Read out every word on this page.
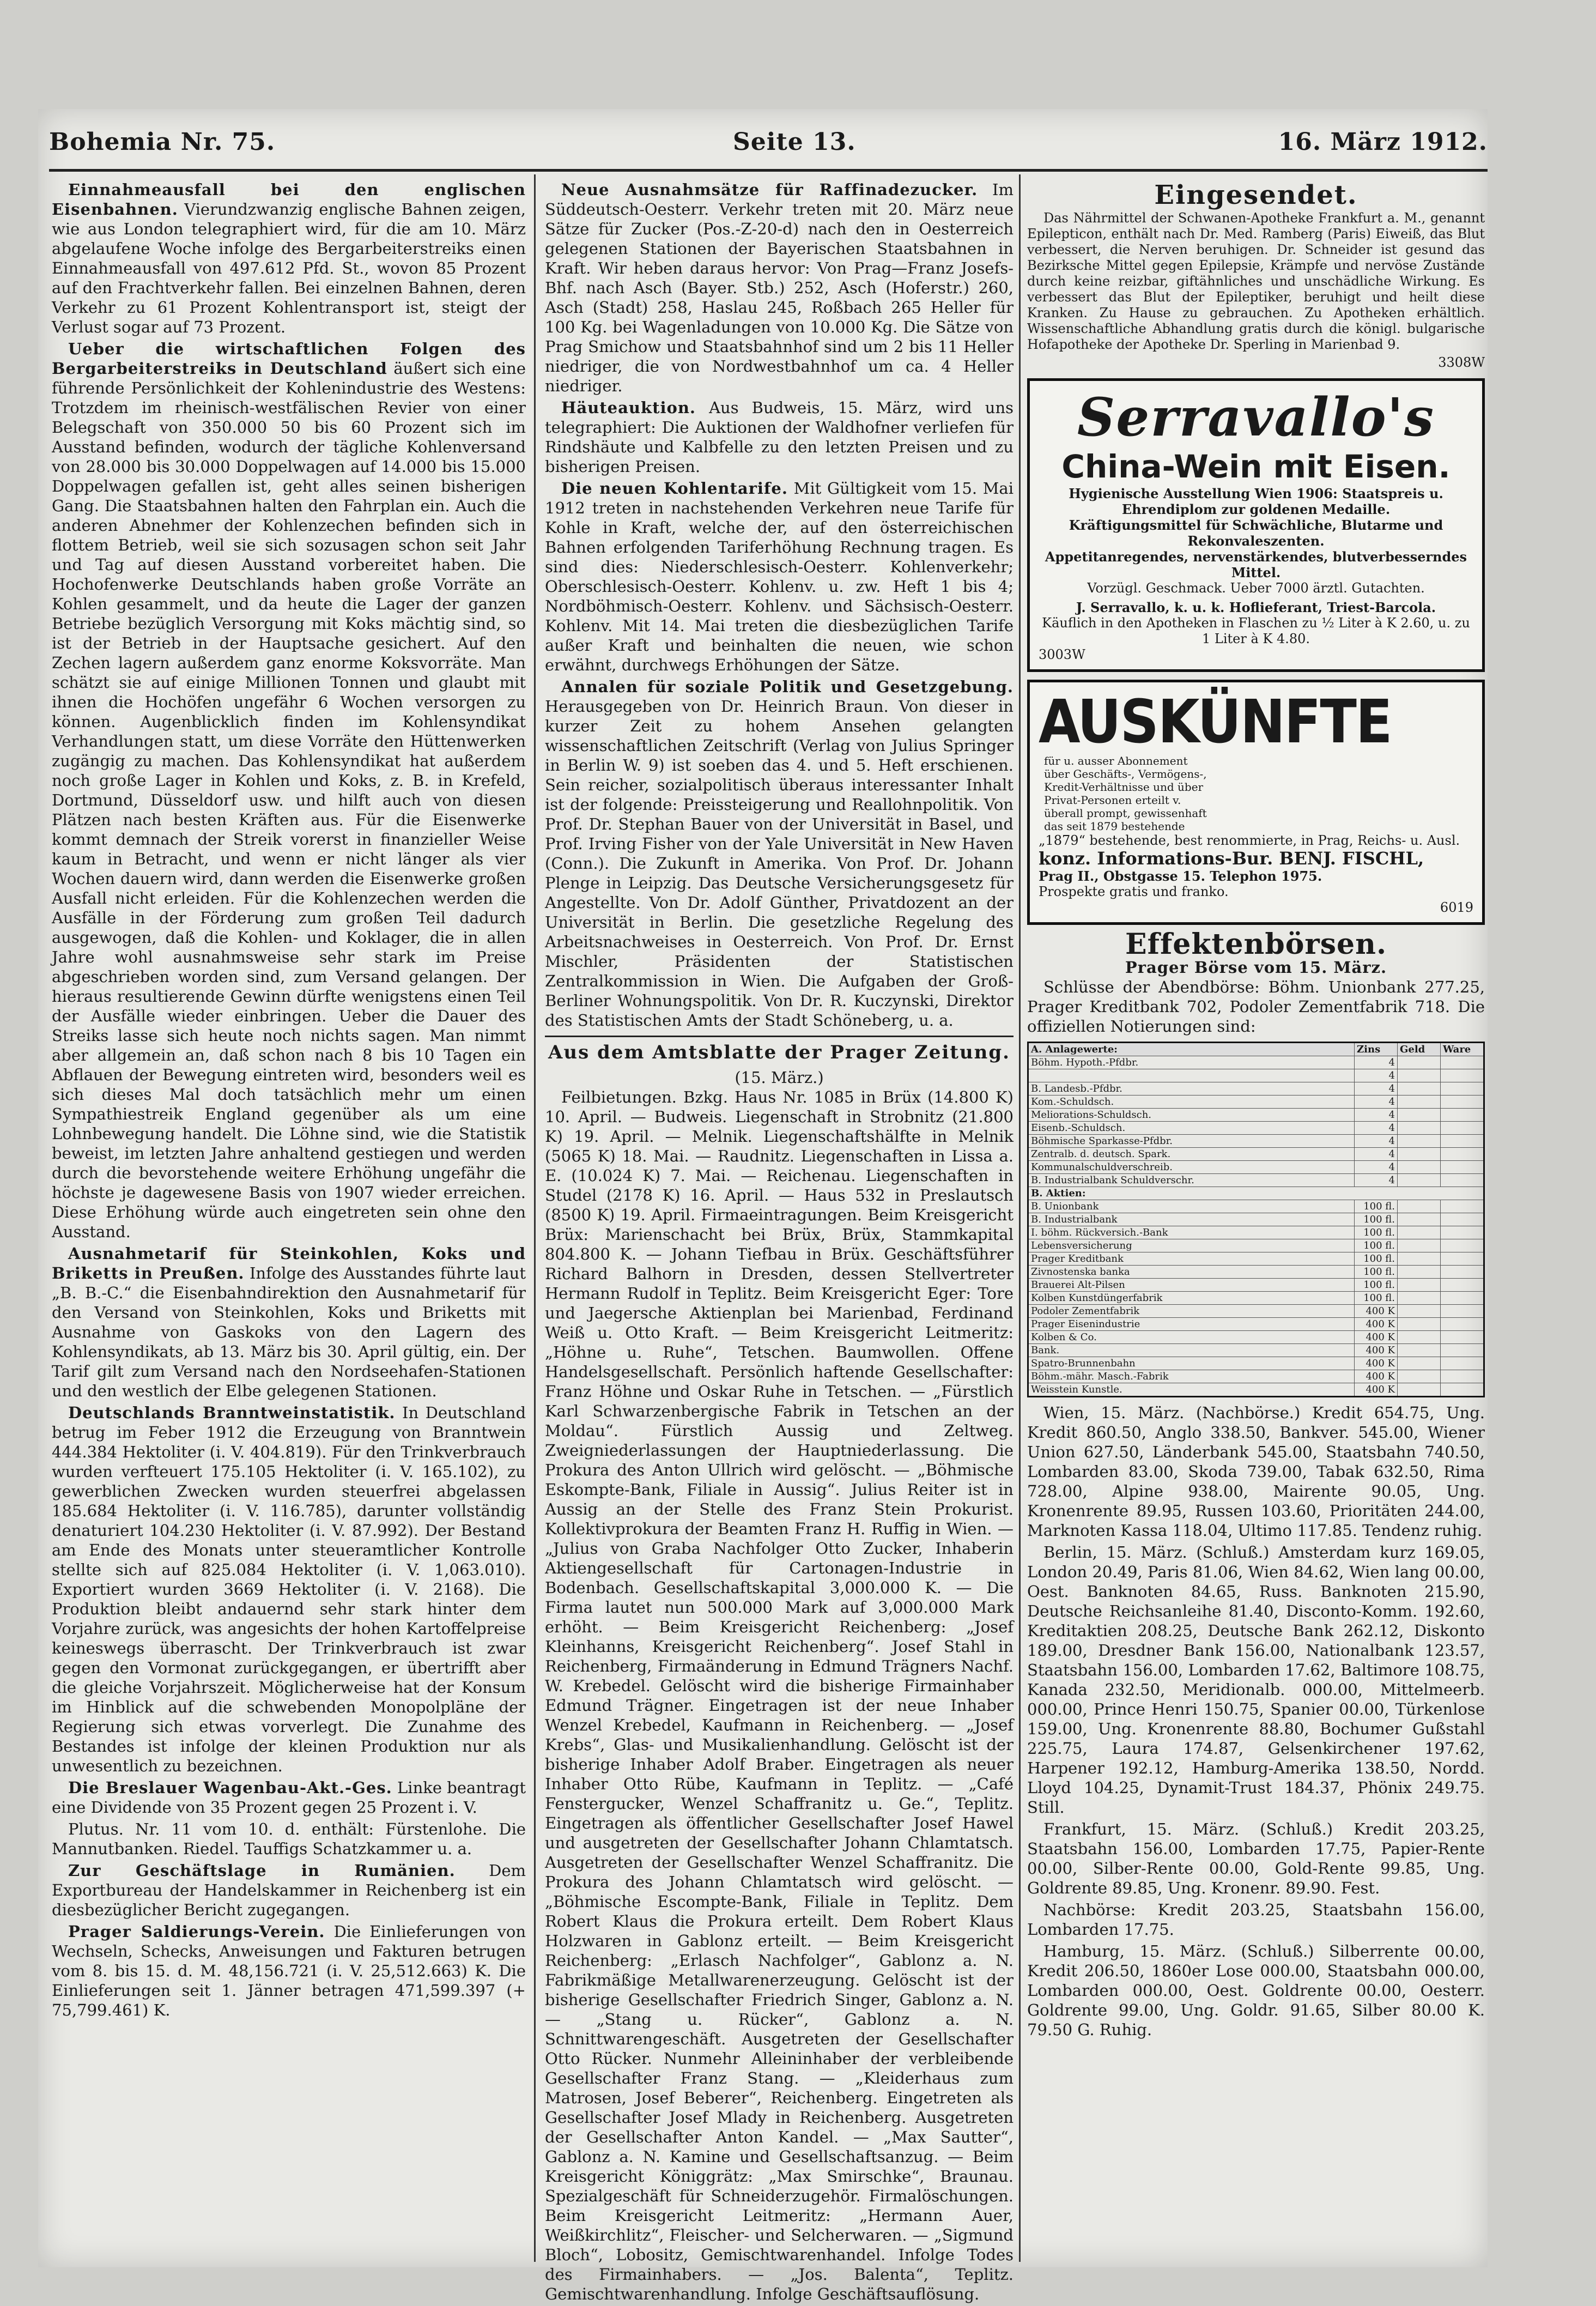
Bohemia Nr. 75.	Seite 13.	16. März 1912.

Einnahmeausfall bei den englischen Eisenbahnen. Vierundzwanzig englische Bahnen zeigen, wie aus London telegraphiert wird, für die am 10. März abgelaufene Woche infolge des Bergarbeiterstreiks einen Einnahmeausfall von 497.612 Pfd. St., wovon 85 Prozent auf den Frachtverkehr fallen. Bei einzelnen Bahnen, deren Verkehr zu 61 Prozent Kohlentransport ist, steigt der Verlust sogar auf 73 Prozent.

Ueber die wirtschaftlichen Folgen des Bergarbeiterstreiks in Deutschland äußert sich eine führende Persönlichkeit der Kohlenindustrie des Westens: Trotzdem im rheinisch-westfälischen Revier von einer Belegschaft von 350.000 50 bis 60 Prozent sich im Ausstand befinden, wodurch der tägliche Kohlenversand von 28.000 bis 30.000 Doppelwagen auf 14.000 bis 15.000 Doppelwagen gefallen ist, geht alles seinen bisherigen Gang. Die Staatsbahnen halten den Fahrplan ein. Auch die anderen Abnehmer der Kohlenzechen befinden sich in flottem Betrieb, weil sie sich sozusagen schon seit Jahr und Tag auf diesen Ausstand vorbereitet haben. Die Hochofenwerke Deutschlands haben große Vorräte an Kohlen gesammelt, und da heute die Lager der ganzen Betriebe bezüglich Versorgung mit Koks mächtig sind, so ist der Betrieb in der Hauptsache gesichert. Auf den Zechen lagern außerdem ganz enorme Koksvorräte. Man schätzt sie auf einige Millionen Tonnen und glaubt mit ihnen die Hochöfen ungefähr 6 Wochen versorgen zu können. Augenblicklich finden im Kohlensyndikat Verhandlungen statt, um diese Vorräte den Hüttenwerken zugängig zu machen. Das Kohlensyndikat hat außerdem noch große Lager in Kohlen und Koks, z. B. in Krefeld, Dortmund, Düsseldorf usw. und hilft auch von diesen Plätzen nach besten Kräften aus. Für die Eisenwerke kommt demnach der Streik vorerst in finanzieller Weise kaum in Betracht, und wenn er nicht länger als vier Wochen dauern wird, dann werden die Eisenwerke großen Ausfall nicht erleiden. Für die Kohlenzechen werden die Ausfälle in der Förderung zum großen Teil dadurch ausgewogen, daß die Kohlen- und Koklager, die in allen Jahre wohl ausnahmsweise sehr stark im Preise abgeschrieben worden sind, zum Versand gelangen. Der hieraus resultierende Gewinn dürfte wenigstens einen Teil der Ausfälle wieder einbringen. Ueber die Dauer des Streiks lasse sich heute noch nichts sagen. Man nimmt aber allgemein an, daß schon nach 8 bis 10 Tagen ein Abflauen der Bewegung eintreten wird, besonders weil es sich dieses Mal doch tatsächlich mehr um einen Sympathiestreik England gegenüber als um eine Lohnbewegung handelt. Die Löhne sind, wie die Statistik beweist, im letzten Jahre anhaltend gestiegen und werden durch die bevorstehende weitere Erhöhung ungefähr die höchste je dagewesene Basis von 1907 wieder erreichen. Diese Erhöhung würde auch eingetreten sein ohne den Ausstand.

Ausnahmetarif für Steinkohlen, Koks und Briketts in Preußen. Infolge des Ausstandes führte laut „B. B.-C.“ die Eisenbahndirektion den Ausnahmetarif für den Versand von Steinkohlen, Koks und Briketts mit Ausnahme von Gaskoks von den Lagern des Kohlensyndikats, ab 13. März bis 30. April gültig, ein. Der Tarif gilt zum Versand nach den Nordseehafen-Stationen und den westlich der Elbe gelegenen Stationen.

Deutschlands Branntweinstatistik. In Deutschland betrug im Feber 1912 die Erzeugung von Branntwein 444.384 Hektoliter (i. V. 404.819). Für den Trinkverbrauch wurden verfteuert 175.105 Hektoliter (i. V. 165.102), zu gewerblichen Zwecken wurden steuerfrei abgelassen 185.684 Hektoliter (i. V. 116.785), darunter vollständig denaturiert 104.230 Hektoliter (i. V. 87.992). Der Bestand am Ende des Monats unter steueramtlicher Kontrolle stellte sich auf 825.084 Hektoliter (i. V. 1,063.010). Exportiert wurden 3669 Hektoliter (i. V. 2168). Die Produktion bleibt andauernd sehr stark hinter dem Vorjahre zurück, was angesichts der hohen Kartoffelpreise keineswegs überrascht. Der Trinkverbrauch ist zwar gegen den Vormonat zurückgegangen, er übertrifft aber die gleiche Vorjahrszeit. Möglicherweise hat der Konsum im Hinblick auf die schwebenden Monopolpläne der Regierung sich etwas vorverlegt. Die Zunahme des Bestandes ist infolge der kleinen Produktion nur als unwesentlich zu bezeichnen.

Die Breslauer Wagenbau-Akt.-Ges. Linke beantragt eine Dividende von 35 Prozent gegen 25 Prozent i. V.

Plutus. Nr. 11 vom 10. d. enthält: Fürstenlohe. Die Mannutbanken. Riedel. Tauffigs Schatzkammer u. a.

Zur Geschäftslage in Rumänien. Dem Exportbureau der Handelskammer in Reichenberg ist ein diesbezüglicher Bericht zugegangen.

Prager Saldierungs-Verein. Die Einlieferungen von Wechseln, Schecks, Anweisungen und Fakturen betrugen vom 8. bis 15. d. M. 48,156.721 (i. V. 25,512.663) K. Die Einlieferungen seit 1. Jänner betragen 471,599.397 (+ 75,799.461) K.

Neue Ausnahmsätze für Raffinadezucker. Im Süddeutsch-Oesterr. Verkehr treten mit 20. März neue Sätze für Zucker (Pos.-Z-20-d) nach den in Oesterreich gelegenen Stationen der Bayerischen Staatsbahnen in Kraft. Wir heben daraus hervor: Von Prag—Franz Josefs-Bhf. nach Asch (Bayer. Stb.) 252, Asch (Hoferstr.) 260, Asch (Stadt) 258, Haslau 245, Roßbach 265 Heller für 100 Kg. bei Wagenladungen von 10.000 Kg. Die Sätze von Prag Smichow und Staatsbahnhof sind um 2 bis 11 Heller niedriger, die von Nordwestbahnhof um ca. 4 Heller niedriger.

Häuteauktion. Aus Budweis, 15. März, wird uns telegraphiert: Die Auktionen der Waldhofner verliefen für Rindshäute und Kalbfelle zu den letzten Preisen und zu bisherigen Preisen.

Die neuen Kohlentarife. Mit Gültigkeit vom 15. Mai 1912 treten in nachstehenden Verkehren neue Tarife für Kohle in Kraft, welche der, auf den österreichischen Bahnen erfolgenden Tariferhöhung Rechnung tragen. Es sind dies: Niederschlesisch-Oesterr. Kohlenverkehr; Oberschlesisch-Oesterr. Kohlenv. u. zw. Heft 1 bis 4; Nordböhmisch-Oesterr. Kohlenv. und Sächsisch-Oesterr. Kohlenv. Mit 14. Mai treten die diesbezüglichen Tarife außer Kraft und beinhalten die neuen, wie schon erwähnt, durchwegs Erhöhungen der Sätze.

Annalen für soziale Politik und Gesetzgebung. Herausgegeben von Dr. Heinrich Braun. Von dieser in kurzer Zeit zu hohem Ansehen gelangten wissenschaftlichen Zeitschrift (Verlag von Julius Springer in Berlin W. 9) ist soeben das 4. und 5. Heft erschienen. Sein reicher, sozialpolitisch überaus interessanter Inhalt ist der folgende: Preissteigerung und Reallohnpolitik. Von Prof. Dr. Stephan Bauer von der Universität in Basel, und Prof. Irving Fisher von der Yale Universität in New Haven (Conn.). Die Zukunft in Amerika. Von Prof. Dr. Johann Plenge in Leipzig. Das Deutsche Versicherungsgesetz für Angestellte. Von Dr. Adolf Günther, Privatdozent an der Universität in Berlin. Die gesetzliche Regelung des Arbeitsnachweises in Oesterreich. Von Prof. Dr. Ernst Mischler, Präsidenten der Statistischen Zentralkommission in Wien. Die Aufgaben der Groß-Berliner Wohnungspolitik. Von Dr. R. Kuczynski, Direktor des Statistischen Amts der Stadt Schöneberg, u. a.

Aus dem Amtsblatte der Prager Zeitung.
(15. März.)

Feilbietungen. Bzkg. Haus Nr. 1085 in Brüx (14.800 K) 10. April. — Budweis. Liegenschaft in Strobnitz (21.800 K) 19. April. — Melnik. Liegenschaftshälfte in Melnik (5065 K) 18. Mai. — Raudnitz. Liegenschaften in Lissa a. E. (10.024 K) 7. Mai. — Reichenau. Liegenschaften in Studel (2178 K) 16. April. — Haus 532 in Preslautsch (8500 K) 19. April. Firmaeintragungen. Beim Kreisgericht Brüx: Marienschacht bei Brüx, Brüx, Stammkapital 804.800 K. — Johann Tiefbau in Brüx. Geschäftsführer Richard Balhorn in Dresden, dessen Stellvertreter Hermann Rudolf in Teplitz. Beim Kreisgericht Eger: Tore und Jaegersche Aktienplan bei Marienbad, Ferdinand Weiß u. Otto Kraft. — Beim Kreisgericht Leitmeritz: „Höhne u. Ruhe“, Tetschen. Baumwollen. Offene Handelsgesellschaft. Persönlich haftende Gesellschafter: Franz Höhne und Oskar Ruhe in Tetschen. — „Fürstlich Karl Schwarzenbergische Fabrik in Tetschen an der Moldau“. Fürstlich Aussig und Zeltweg. Zweigniederlassungen der Hauptniederlassung. Die Prokura des Anton Ullrich wird gelöscht. — „Böhmische Eskompte-Bank, Filiale in Aussig“. Julius Reiter ist in Aussig an der Stelle des Franz Stein Prokurist. Kollektivprokura der Beamten Franz H. Ruffig in Wien. — „Julius von Graba Nachfolger Otto Zucker, Inhaberin Aktiengesellschaft für Cartonagen-Industrie in Bodenbach. Gesellschaftskapital 3,000.000 K. — Die Firma lautet nun 500.000 Mark auf 3,000.000 Mark erhöht. — Beim Kreisgericht Reichenberg: „Josef Kleinhanns, Kreisgericht Reichenberg“. Josef Stahl in Reichenberg, Firmaänderung in Edmund Trägners Nachf. W. Krebedel. Gelöscht wird die bisherige Firmainhaber Edmund Trägner. Eingetragen ist der neue Inhaber Wenzel Krebedel, Kaufmann in Reichenberg. — „Josef Krebs“, Glas- und Musikalienhandlung. Gelöscht ist der bisherige Inhaber Adolf Braber. Eingetragen als neuer Inhaber Otto Rübe, Kaufmann in Teplitz. — „Café Fenstergucker, Wenzel Schaffranitz u. Ge.“, Teplitz. Eingetragen als öffentlicher Gesellschafter Josef Hawel und ausgetreten der Gesellschafter Johann Chlamtatsch. Ausgetreten der Gesellschafter Wenzel Schaffranitz. Die Prokura des Johann Chlamtatsch wird gelöscht. — „Böhmische Escompte-Bank, Filiale in Teplitz. Dem Robert Klaus die Prokura erteilt. Dem Robert Klaus Holzwaren in Gablonz erteilt. — Beim Kreisgericht Reichenberg: „Erlasch Nachfolger“, Gablonz a. N. Fabrikmäßige Metallwarenerzeugung. Gelöscht ist der bisherige Gesellschafter Friedrich Singer, Gablonz a. N. — „Stang u. Rücker“, Gablonz a. N. Schnittwarengeschäft. Ausgetreten der Gesellschafter Otto Rücker. Nunmehr Alleininhaber der verbleibende Gesellschafter Franz Stang. — „Kleiderhaus zum Matrosen, Josef Beberer“, Reichenberg. Eingetreten als Gesellschafter Josef Mlady in Reichenberg. Ausgetreten der Gesellschafter Anton Kandel. — „Max Sautter“, Gablonz a. N. Kamine und Gesellschaftsanzug. — Beim Kreisgericht Königgrätz: „Max Smirschke“, Braunau. Spezialgeschäft für Schneiderzugehör. Firmalöschungen. Beim Kreisgericht Leitmeritz: „Hermann Auer, Weißkirchlitz“, Fleischer- und Selcherwaren. — „Sigmund Bloch“, Lobositz, Gemischtwarenhandel. Infolge Todes des Firmainhabers. — „Jos. Balenta“, Teplitz. Gemischtwarenhandlung. Infolge Geschäftsauflösung.

Eingesendet.

Das Nährmittel der Schwanen-Apotheke Frankfurt a. M., genannt Epilepticon, enthält nach Dr. Med. Ramberg (Paris) Eiweiß, das Blut verbessert, die Nerven beruhigen. Dr. Schneider ist gesund das Bezirksche Mittel gegen Epilepsie, Krämpfe und nervöse Zustände durch keine reizbar, giftähnliches und unschädliche Wirkung. Es verbessert das Blut der Epileptiker, beruhigt und heilt diese Kranken. Zu Hause zu gebrauchen. Zu Apotheken erhältlich. Wissenschaftliche Abhandlung gratis durch die königl. bulgarische Hofapotheke der Apotheke Dr. Sperling in Marienbad 9.

3308W
Serravallo's
China-Wein mit Eisen.
Hygienische Ausstellung Wien 1906: Staatspreis u. Ehrendiplom zur goldenen Medaille.
Kräftigungsmittel für Schwächliche, Blutarme und Rekonvaleszenten.
Appetitanregendes, nervenstärkendes, blutverbesserndes Mittel.
Vorzügl. Geschmack. Ueber 7000 ärztl. Gutachten.
J. Serravallo, k. u. k. Hoflieferant, Triest-Barcola.
Käuflich in den Apotheken in Flaschen zu ½ Liter à K 2.60, u. zu 1 Liter à K 4.80.
3003W
AUSKÜNFTEfür u. ausser Abonnement über Geschäfts-, Vermögens-, Kredit-Verhältnisse und über Privat-Personen erteilt v. überall prompt, gewissenhaft das seit 1879 bestehende
„1879“ bestehende, best renommierte, in Prag, Reichs- u. Ausl.
konz. Informations-Bur. BENJ. FISCHL,
Prag II., Obstgasse 15. Telephon 1975.
Prospekte gratis und franko.
6019
Effektenbörsen.
Prager Börse vom 15. März.

Schlüsse der Abendbörse: Böhm. Unionbank 277.25, Prager Kreditbank 702, Podoler Zementfabrik 718. Die offiziellen Notierungen sind:

A. Anlagewerte:	Zins	Geld	Ware
Böhm. Hypoth.-Pfdbr.	4		
	4		
B. Landesb.-Pfdbr.	4		
Kom.-Schuldsch.	4		
Meliorations-Schuldsch.	4		
Eisenb.-Schuldsch.	4		
Böhmische Sparkasse-Pfdbr.	4		
Zentralb. d. deutsch. Spark.	4		
Kommunalschuldverschreib.	4		
B. Industrialbank Schuldverschr.	4		
B. Aktien:			
B. Unionbank	100 fl.		
B. Industrialbank	100 fl.		
I. böhm. Rückversich.-Bank	100 fl.		
Lebensversicherung	100 fl.		
Prager Kreditbank	100 fl.		
Zivnostenska banka	100 fl.		
Brauerei Alt-Pilsen	100 fl.		
Kolben Kunstdüngerfabrik	100 fl.		
Podoler Zementfabrik	400 K		
Prager Eisenindustrie	400 K		
Kolben & Co.	400 K		
Bank.	400 K		
Spatro-Brunnenbahn	400 K		
Böhm.-mähr. Masch.-Fabrik	400 K		
Weisstein Kunstle.	400 K		

Wien, 15. März. (Nachbörse.) Kredit 654.75, Ung. Kredit 860.50, Anglo 338.50, Bankver. 545.00, Wiener Union 627.50, Länderbank 545.00, Staatsbahn 740.50, Lombarden 83.00, Skoda 739.00, Tabak 632.50, Rima 728.00, Alpine 938.00, Mairente 90.05, Ung. Kronenrente 89.95, Russen 103.60, Prioritäten 244.00, Marknoten Kassa 118.04, Ultimo 117.85. Tendenz ruhig.

Berlin, 15. März. (Schluß.) Amsterdam kurz 169.05, London 20.49, Paris 81.06, Wien 84.62, Wien lang 00.00, Oest. Banknoten 84.65, Russ. Banknoten 215.90, Deutsche Reichsanleihe 81.40, Disconto-Komm. 192.60, Kreditaktien 208.25, Deutsche Bank 262.12, Diskonto 189.00, Dresdner Bank 156.00, Nationalbank 123.57, Staatsbahn 156.00, Lombarden 17.62, Baltimore 108.75, Kanada 232.50, Meridionalb. 000.00, Mittelmeerb. 000.00, Prince Henri 150.75, Spanier 00.00, Türkenlose 159.00, Ung. Kronenrente 88.80, Bochumer Gußstahl 225.75, Laura 174.87, Gelsenkirchener 197.62, Harpener 192.12, Hamburg-Amerika 138.50, Nordd. Lloyd 104.25, Dynamit-Trust 184.37, Phönix 249.75. Still.

Frankfurt, 15. März. (Schluß.) Kredit 203.25, Staatsbahn 156.00, Lombarden 17.75, Papier-Rente 00.00, Silber-Rente 00.00, Gold-Rente 99.85, Ung. Goldrente 89.85, Ung. Kronenr. 89.90. Fest.

Nachbörse: Kredit 203.25, Staatsbahn 156.00, Lombarden 17.75.

Hamburg, 15. März. (Schluß.) Silberrente 00.00, Kredit 206.50, 1860er Lose 000.00, Staatsbahn 000.00, Lombarden 000.00, Oest. Goldrente 00.00, Oesterr. Goldrente 99.00, Ung. Goldr. 91.65, Silber 80.00 K. 79.50 G. Ruhig.
